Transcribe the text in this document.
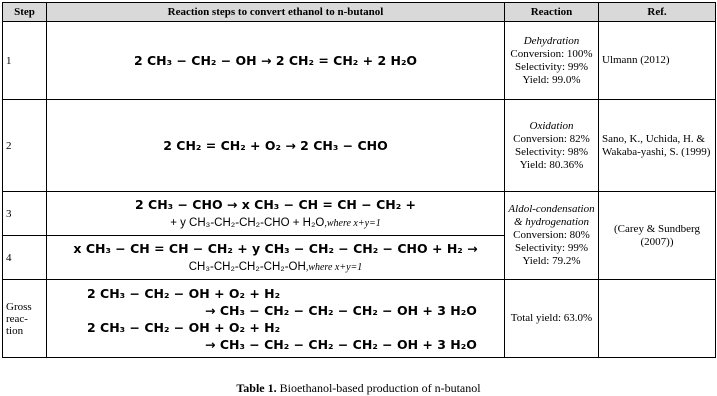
Step	Reaction steps to convert ethanol to n-butanol	Reaction	Ref.
1	2 CH₃ − CH₂ − OH → 2 CH₂ = CH₂ + 2 H₂O	Dehydration
Conversion: 100%
Selectivity: 99%
Yield: 99.0%	Ulmann (2012)
2	2 CH₂ = CH₂ + O₂ → 2 CH₃ − CHO	Oxidation
Conversion: 82%
Selectivity: 98%
Yield: 80.36%	Sano, K., Uchida, H. & Wakaba-yashi, S. (1999)
3	2 CH₃ − CHO → x CH₃ − CH = CH − CH₂ +
+ y CH₃-CH₂-CH₂-CHO + H₂O,where x+y=1	Aldol-condensation & hydrogenation
Conversion: 80%
Selectivity: 99%
Yield: 79.2%	(Carey & Sundberg (2007))
4	x CH₃ − CH = CH − CH₂ + y CH₃ − CH₂ − CH₂ − CHO + H₂ →
CH₃-CH₂-CH₂-CH₂-OH,where x+y=1		

Gross reac-tion	2 CH₃ − CH₂ − OH + O₂ + H₂
→ CH₃ − CH₂ − CH₂ − CH₂ − OH + 3 H₂O
2 CH₃ − CH₂ − OH + O₂ + H₂
→ CH₃ − CH₂ − CH₂ − CH₂ − OH + 3 H₂O	Total yield: 63.0%	
Table 1. Bioethanol-based production of n-butanol
